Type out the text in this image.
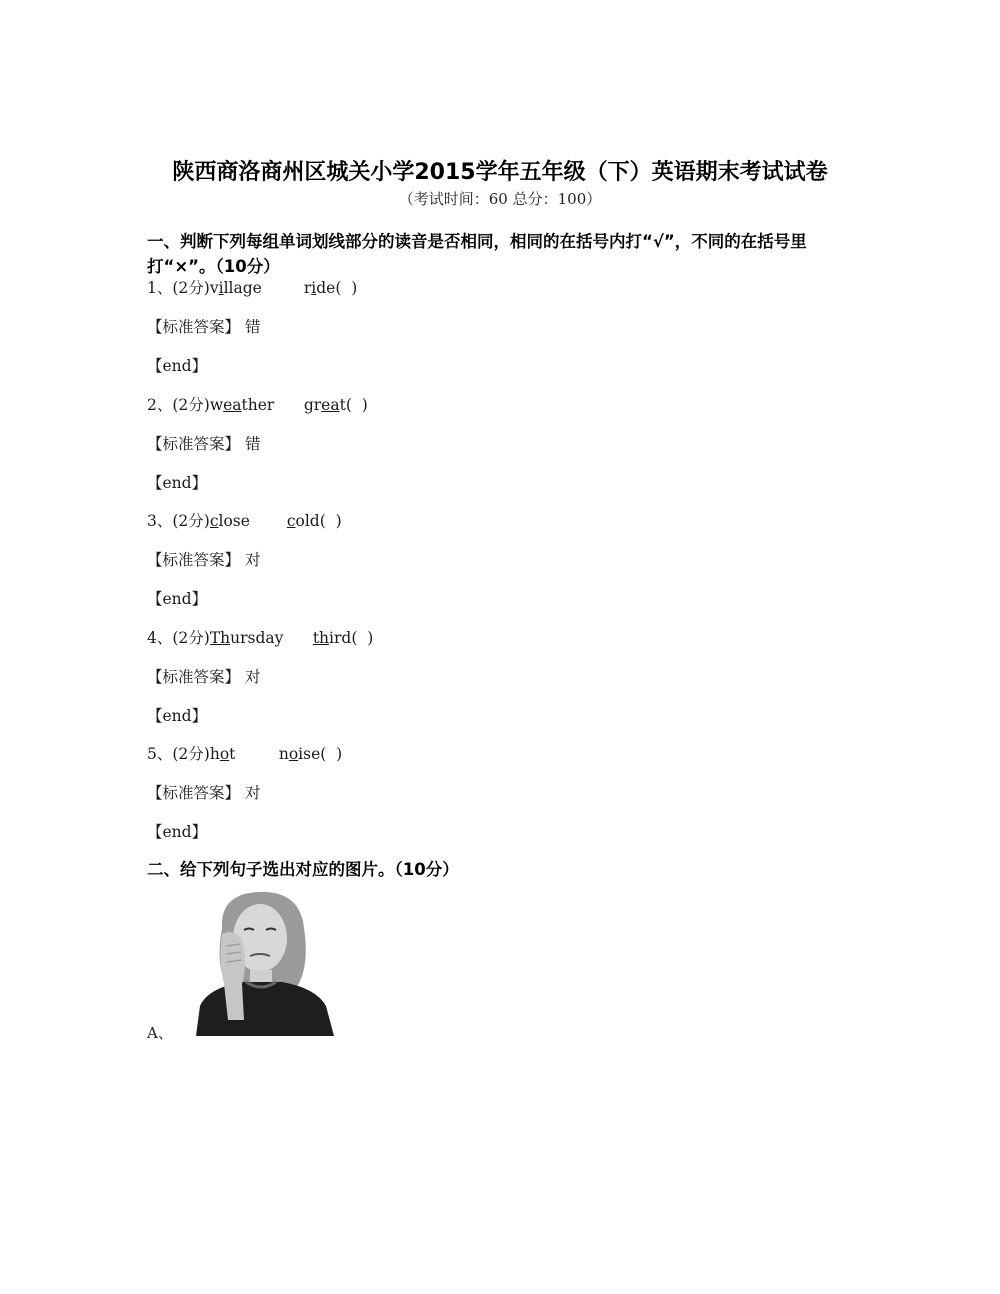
陕西商洛商州区城关小学2015学年五年级（下）英语期末考试试卷
（考试时间：60 总分：100）
一、判断下列每组单词划线部分的读音是否相同，相同的在括号内打“√”，不同的在括号里
打“×”。（10分）
1、(2分)village	ride(  )
【标准答案】 错
【end】
2、(2分)weather great(  )
【标准答案】 错
【end】
3、(2分)close cold(  )
【标准答案】 对
【end】
4、(2分)Thursday third(  )
【标准答案】 对
【end】
5、(2分)hot	noise(  )
【标准答案】 对
【end】
二、给下列句子选出对应的图片。（10分）
A、
